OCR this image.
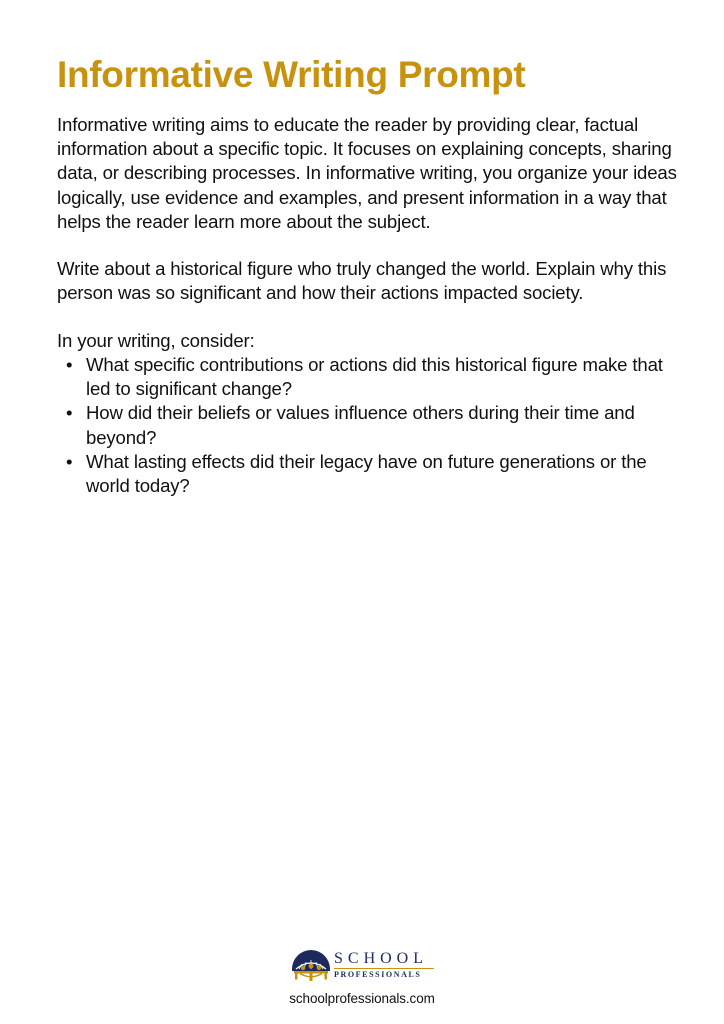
Informative Writing Prompt

Informative writing aims to educate the reader by providing clear, factual information about a specific topic. It focuses on explaining concepts, sharing data, or describing processes. In informative writing, you organize your ideas logically, use evidence and examples, and present information in a way that helps the reader learn more about the subject.

Write about a historical figure who truly changed the world. Explain why this person was so significant and how their actions impacted society.

In your writing, consider:

• What specific contributions or actions did this historical figure make that led to significant change?
• How did their beliefs or values influence others during their time and beyond?
• What lasting effects did their legacy have on future generations or the world today?
SCHOOL
PROFESSIONALS
schoolprofessionals.com
